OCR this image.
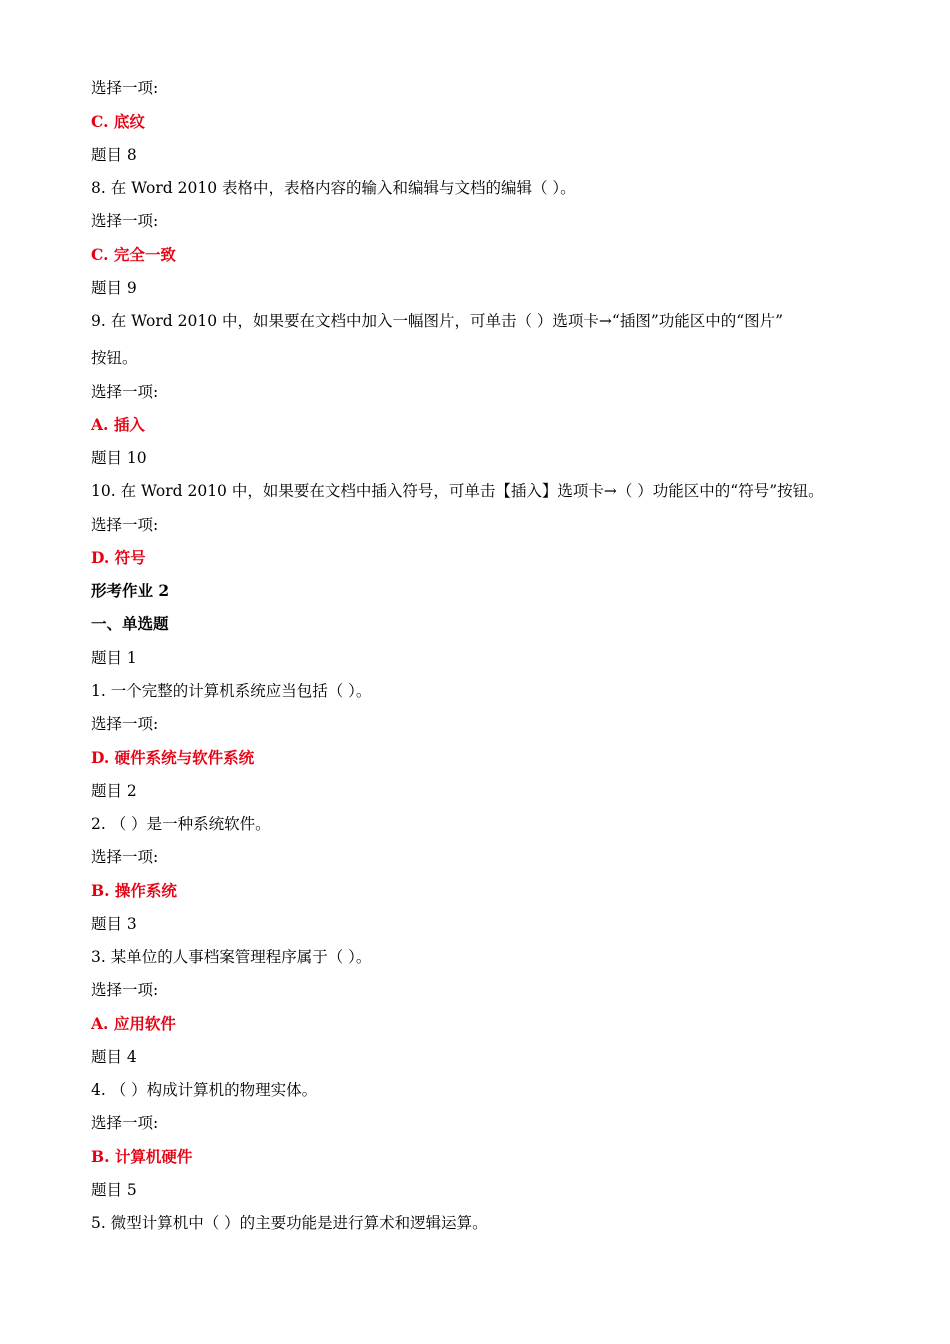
选择一项:
C. 底纹
题目 8
8. 在 Word 2010 表格中，表格内容的输入和编辑与文档的编辑（ ）。
选择一项:
C. 完全一致
题目 9
9. 在 Word 2010 中，如果要在文档中加入一幅图片，可单击（ ）选项卡→“插图”功能区中的“图片”
按钮。
选择一项:
A. 插入
题目 10
10. 在 Word 2010 中，如果要在文档中插入符号，可单击【插入】选项卡→（ ）功能区中的“符号”按钮。
选择一项:
D. 符号
形考作业 2
一、单选题
题目 1
1. 一个完整的计算机系统应当包括（ ）。
选择一项:
D. 硬件系统与软件系统
题目 2
2. （ ）是一种系统软件。
选择一项:
B. 操作系统
题目 3
3. 某单位的人事档案管理程序属于（ ）。
选择一项:
A. 应用软件
题目 4
4. （ ）构成计算机的物理实体。
选择一项:
B. 计算机硬件
题目 5
5. 微型计算机中（ ）的主要功能是进行算术和逻辑运算。
